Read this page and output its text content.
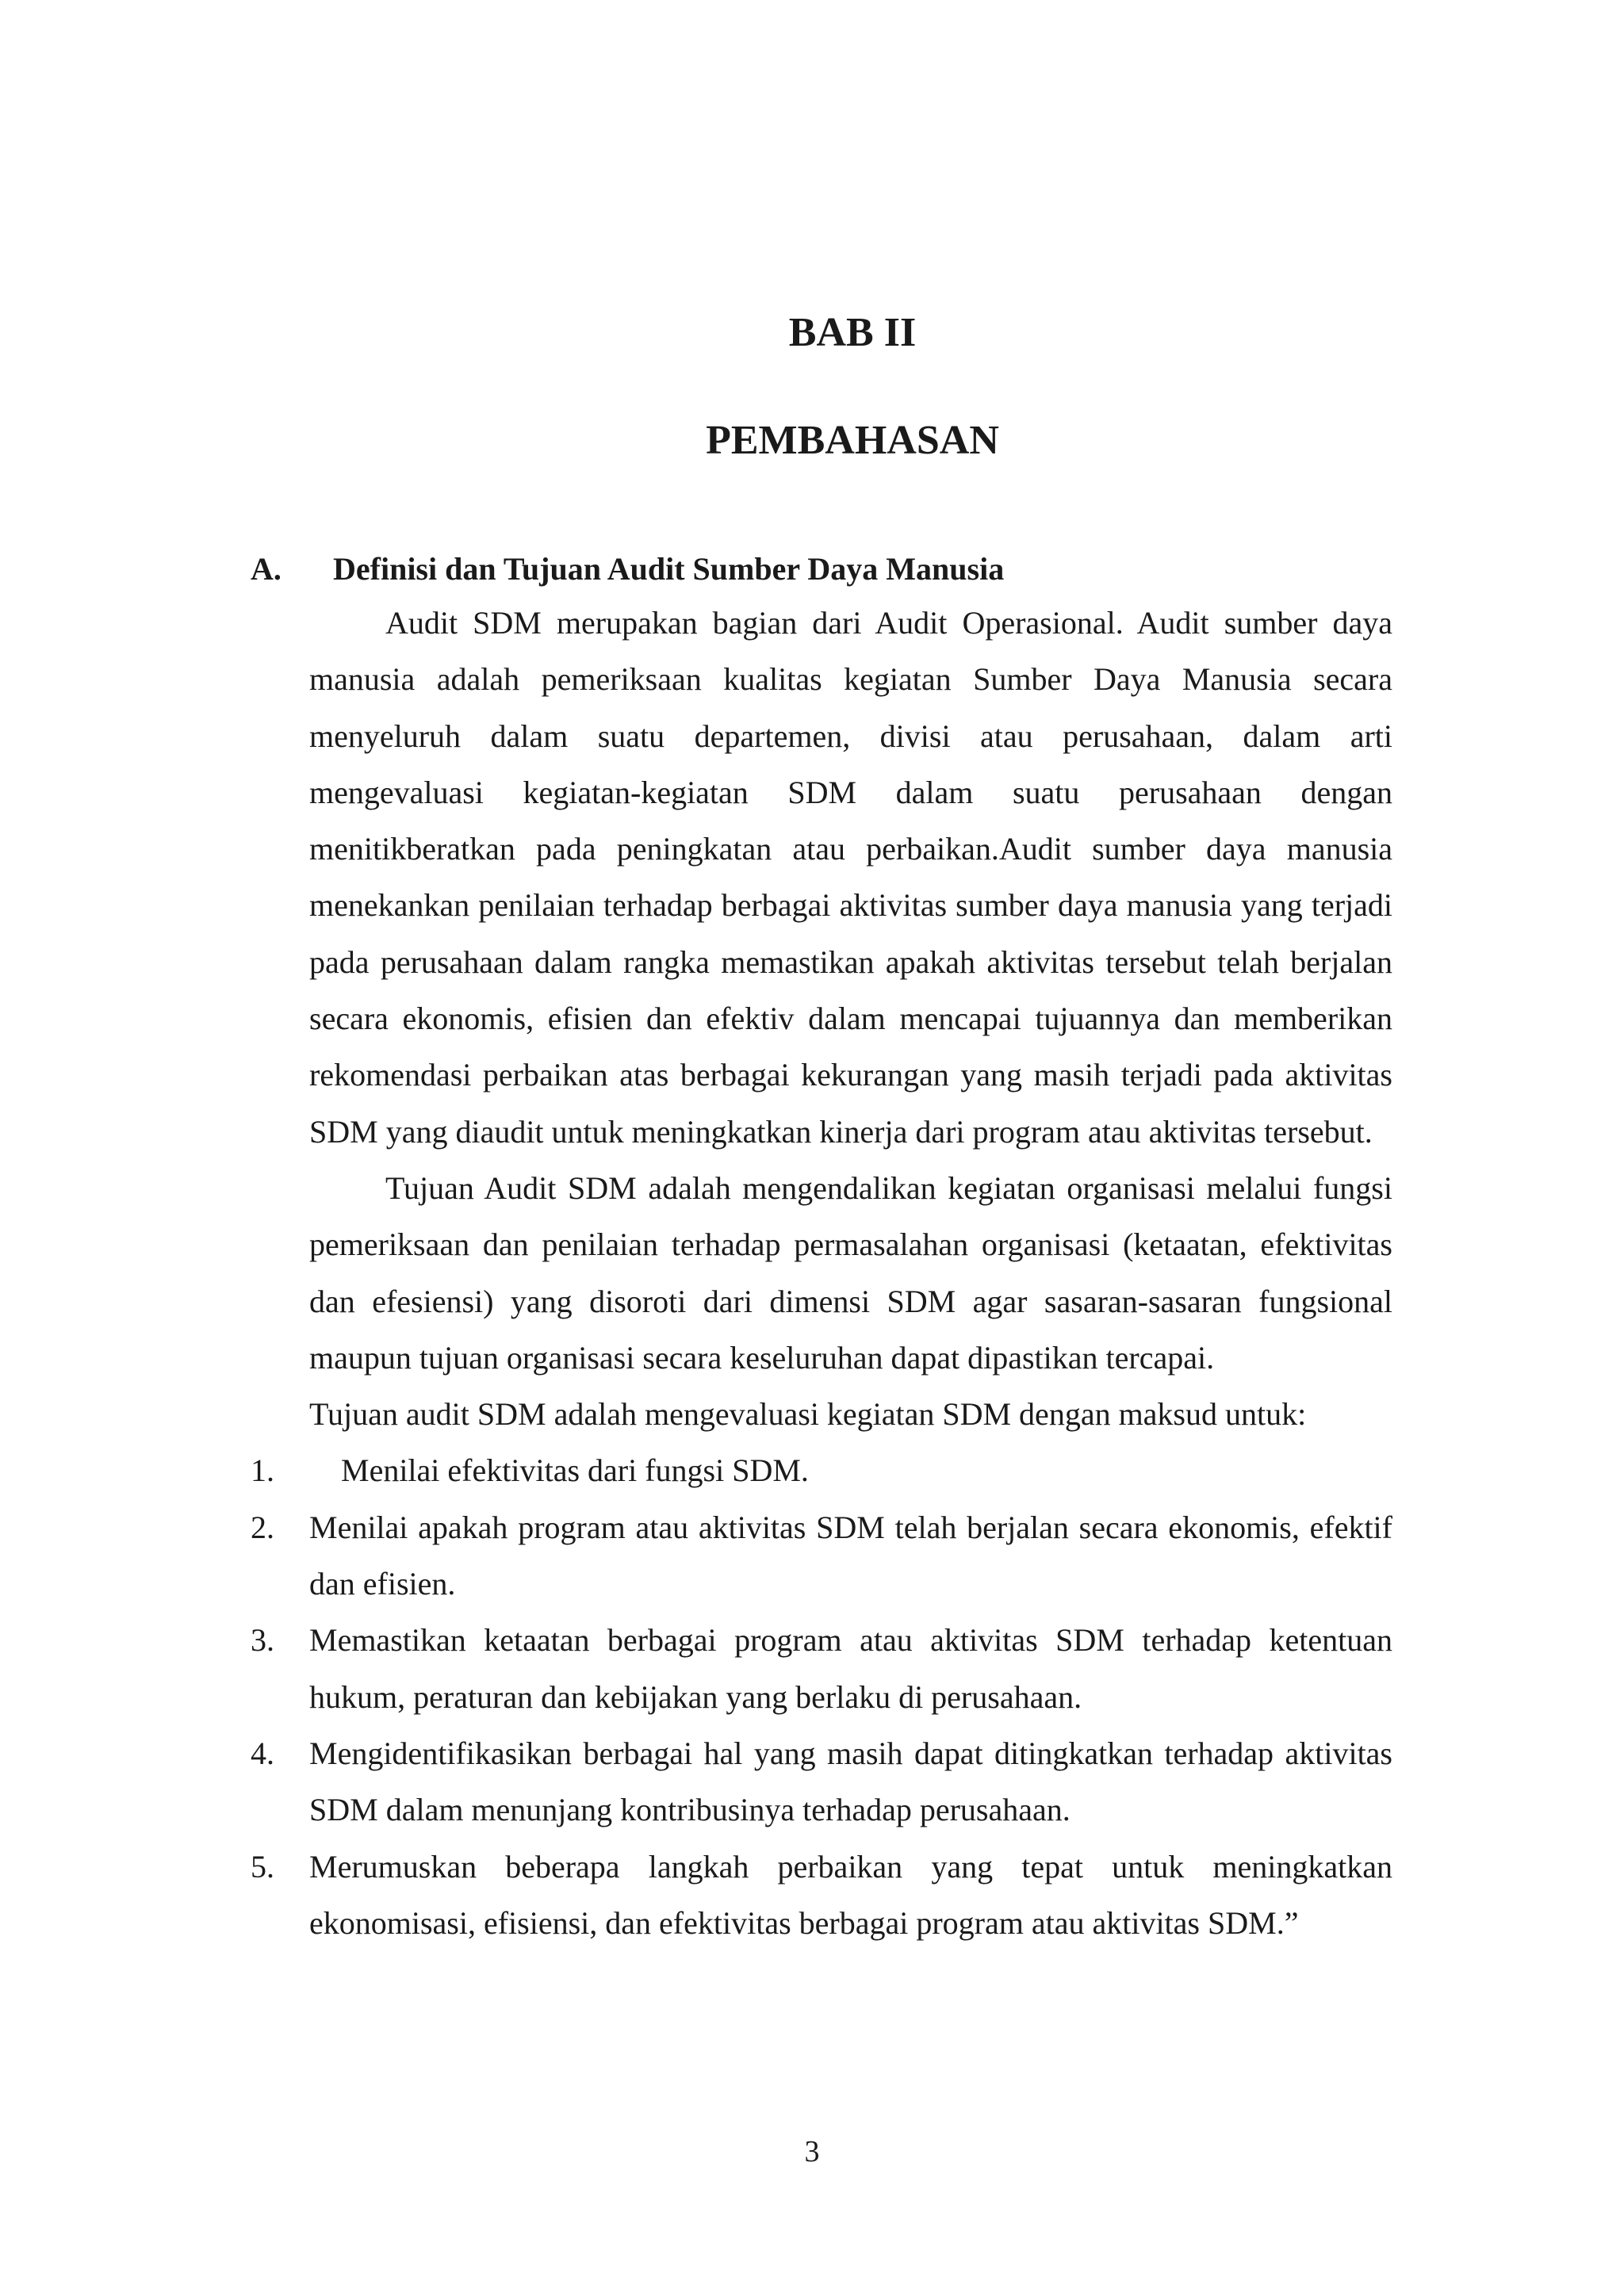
BAB II
PEMBAHASAN
A. Definisi dan Tujuan Audit Sumber Daya Manusia

Audit SDM merupakan bagian dari Audit Operasional. Audit sumber daya manusia adalah pemeriksaan kualitas kegiatan Sumber Daya Manusia secara menyeluruh dalam suatu departemen, divisi atau perusahaan, dalam arti mengevaluasi kegiatan-kegiatan SDM dalam suatu perusahaan dengan menitikberatkan pada peningkatan atau perbaikan.Audit sumber daya manusia menekankan penilaian terhadap berbagai aktivitas sumber daya manusia yang terjadi pada perusahaan dalam rangka memastikan apakah aktivitas tersebut telah berjalan secara ekonomis, efisien dan efektiv dalam mencapai tujuannya dan memberikan rekomendasi perbaikan atas berbagai kekurangan yang masih terjadi pada aktivitas SDM yang diaudit untuk meningkatkan kinerja dari program atau aktivitas tersebut.

Tujuan Audit SDM adalah mengendalikan kegiatan organisasi melalui fungsi pemeriksaan dan penilaian terhadap permasalahan organisasi (ketaatan, efektivitas dan efesiensi) yang disoroti dari dimensi SDM agar sasaran-sasaran fungsional maupun tujuan organisasi secara keseluruhan dapat dipastikan tercapai.

Tujuan audit SDM adalah mengevaluasi kegiatan SDM dengan maksud untuk:

1.	Menilai efektivitas dari fungsi SDM.
2. Menilai apakah program atau aktivitas SDM telah berjalan secara ekonomis, efektif dan efisien.
3. Memastikan ketaatan berbagai program atau aktivitas SDM terhadap ketentuan hukum, peraturan dan kebijakan yang berlaku di perusahaan.
4. Mengidentifikasikan berbagai hal yang masih dapat ditingkatkan terhadap aktivitas SDM dalam menunjang kontribusinya terhadap perusahaan.
5. Merumuskan beberapa langkah perbaikan yang tepat untuk meningkatkan ekonomisasi, efisiensi, dan efektivitas berbagai program atau aktivitas SDM.”
3
